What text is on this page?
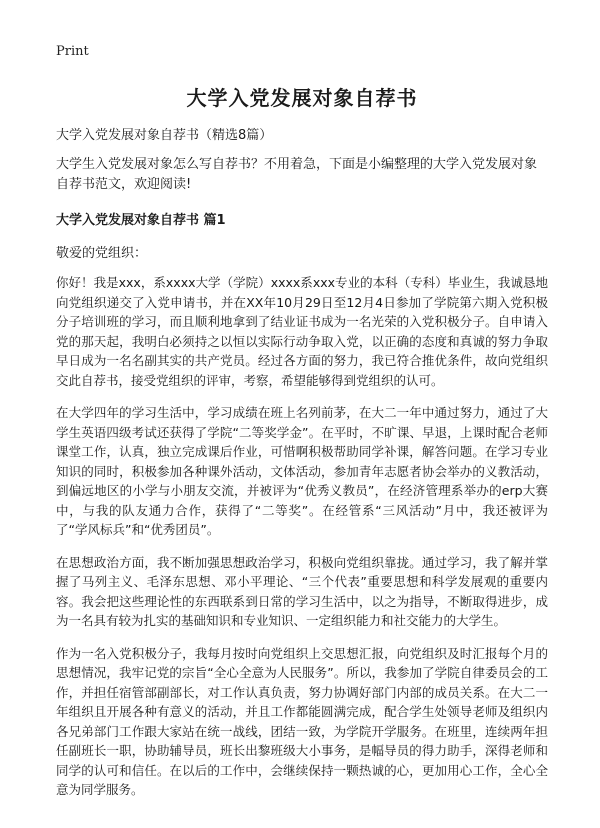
Print
大学入党发展对象自荐书
大学入党发展对象自荐书（精选8篇）
大学生入党发展对象怎么写自荐书？不用着急，下面是小编整理的大学入党发展对象自荐书范文，欢迎阅读!
大学入党发展对象自荐书 篇1
敬爱的党组织：
你好！我是xxx，系xxxx大学（学院）xxxx系xxx专业的本科（专科）毕业生，我诚恳地向党组织递交了入党申请书，并在XX年10月29日至12月4日参加了学院第六期入党积极分子培训班的学习，而且顺利地拿到了结业证书成为一名光荣的入党积极分子。自申请入党的那天起，我明白必须持之以恒以实际行动争取入党，以正确的态度和真诚的努力争取早日成为一名名副其实的共产党员。经过各方面的努力，我已符合推优条件，故向党组织交此自荐书，接受党组织的评审，考察，希望能够得到党组织的认可。
在大学四年的学习生活中，学习成绩在班上名列前茅，在大二一年中通过努力，通过了大学生英语四级考试还获得了学院“二等奖学金”。在平时，不旷课、早退，上课时配合老师课堂工作，认真，独立完成课后作业，可惜啊积极帮助同学补课，解答问题。在学习专业知识的同时，积极参加各种课外活动，文体活动，参加青年志愿者协会举办的义教活动，到偏远地区的小学与小朋友交流，并被评为“优秀义教员”，在经济管理系举办的erp大赛中，与我的队友通力合作，获得了“二等奖”。在经管系“三风活动”月中，我还被评为了“学风标兵”和“优秀团员”。
在思想政治方面，我不断加强思想政治学习，积极向党组织靠拢。通过学习，我了解并掌握了马列主义、毛泽东思想、邓小平理论、“三个代表”重要思想和科学发展观的重要内容。我会把这些理论性的东西联系到日常的学习生活中，以之为指导，不断取得进步，成为一名具有较为扎实的基础知识和专业知识、一定组织能力和社交能力的大学生。
作为一名入党积极分子，我每月按时向党组织上交思想汇报，向党组织及时汇报每个月的思想情况，我牢记党的宗旨“全心全意为人民服务”。所以，我参加了学院自律委员会的工作，并担任宿管部副部长，对工作认真负责，努力协调好部门内部的成员关系。在大二一年组织且开展各种有意义的活动，并且工作都能圆满完成，配合学生处领导老师及组织内各兄弟部门工作跟大家站在统一战线，团结一致，为学院开学服务。在班里，连续两年担任副班长一职，协助辅导员，班长出黎班级大小事务，是幅导员的得力助手，深得老师和同学的认可和信任。在以后的工作中，会继续保持一颗热诚的心，更加用心工作，全心全意为同学服务。
